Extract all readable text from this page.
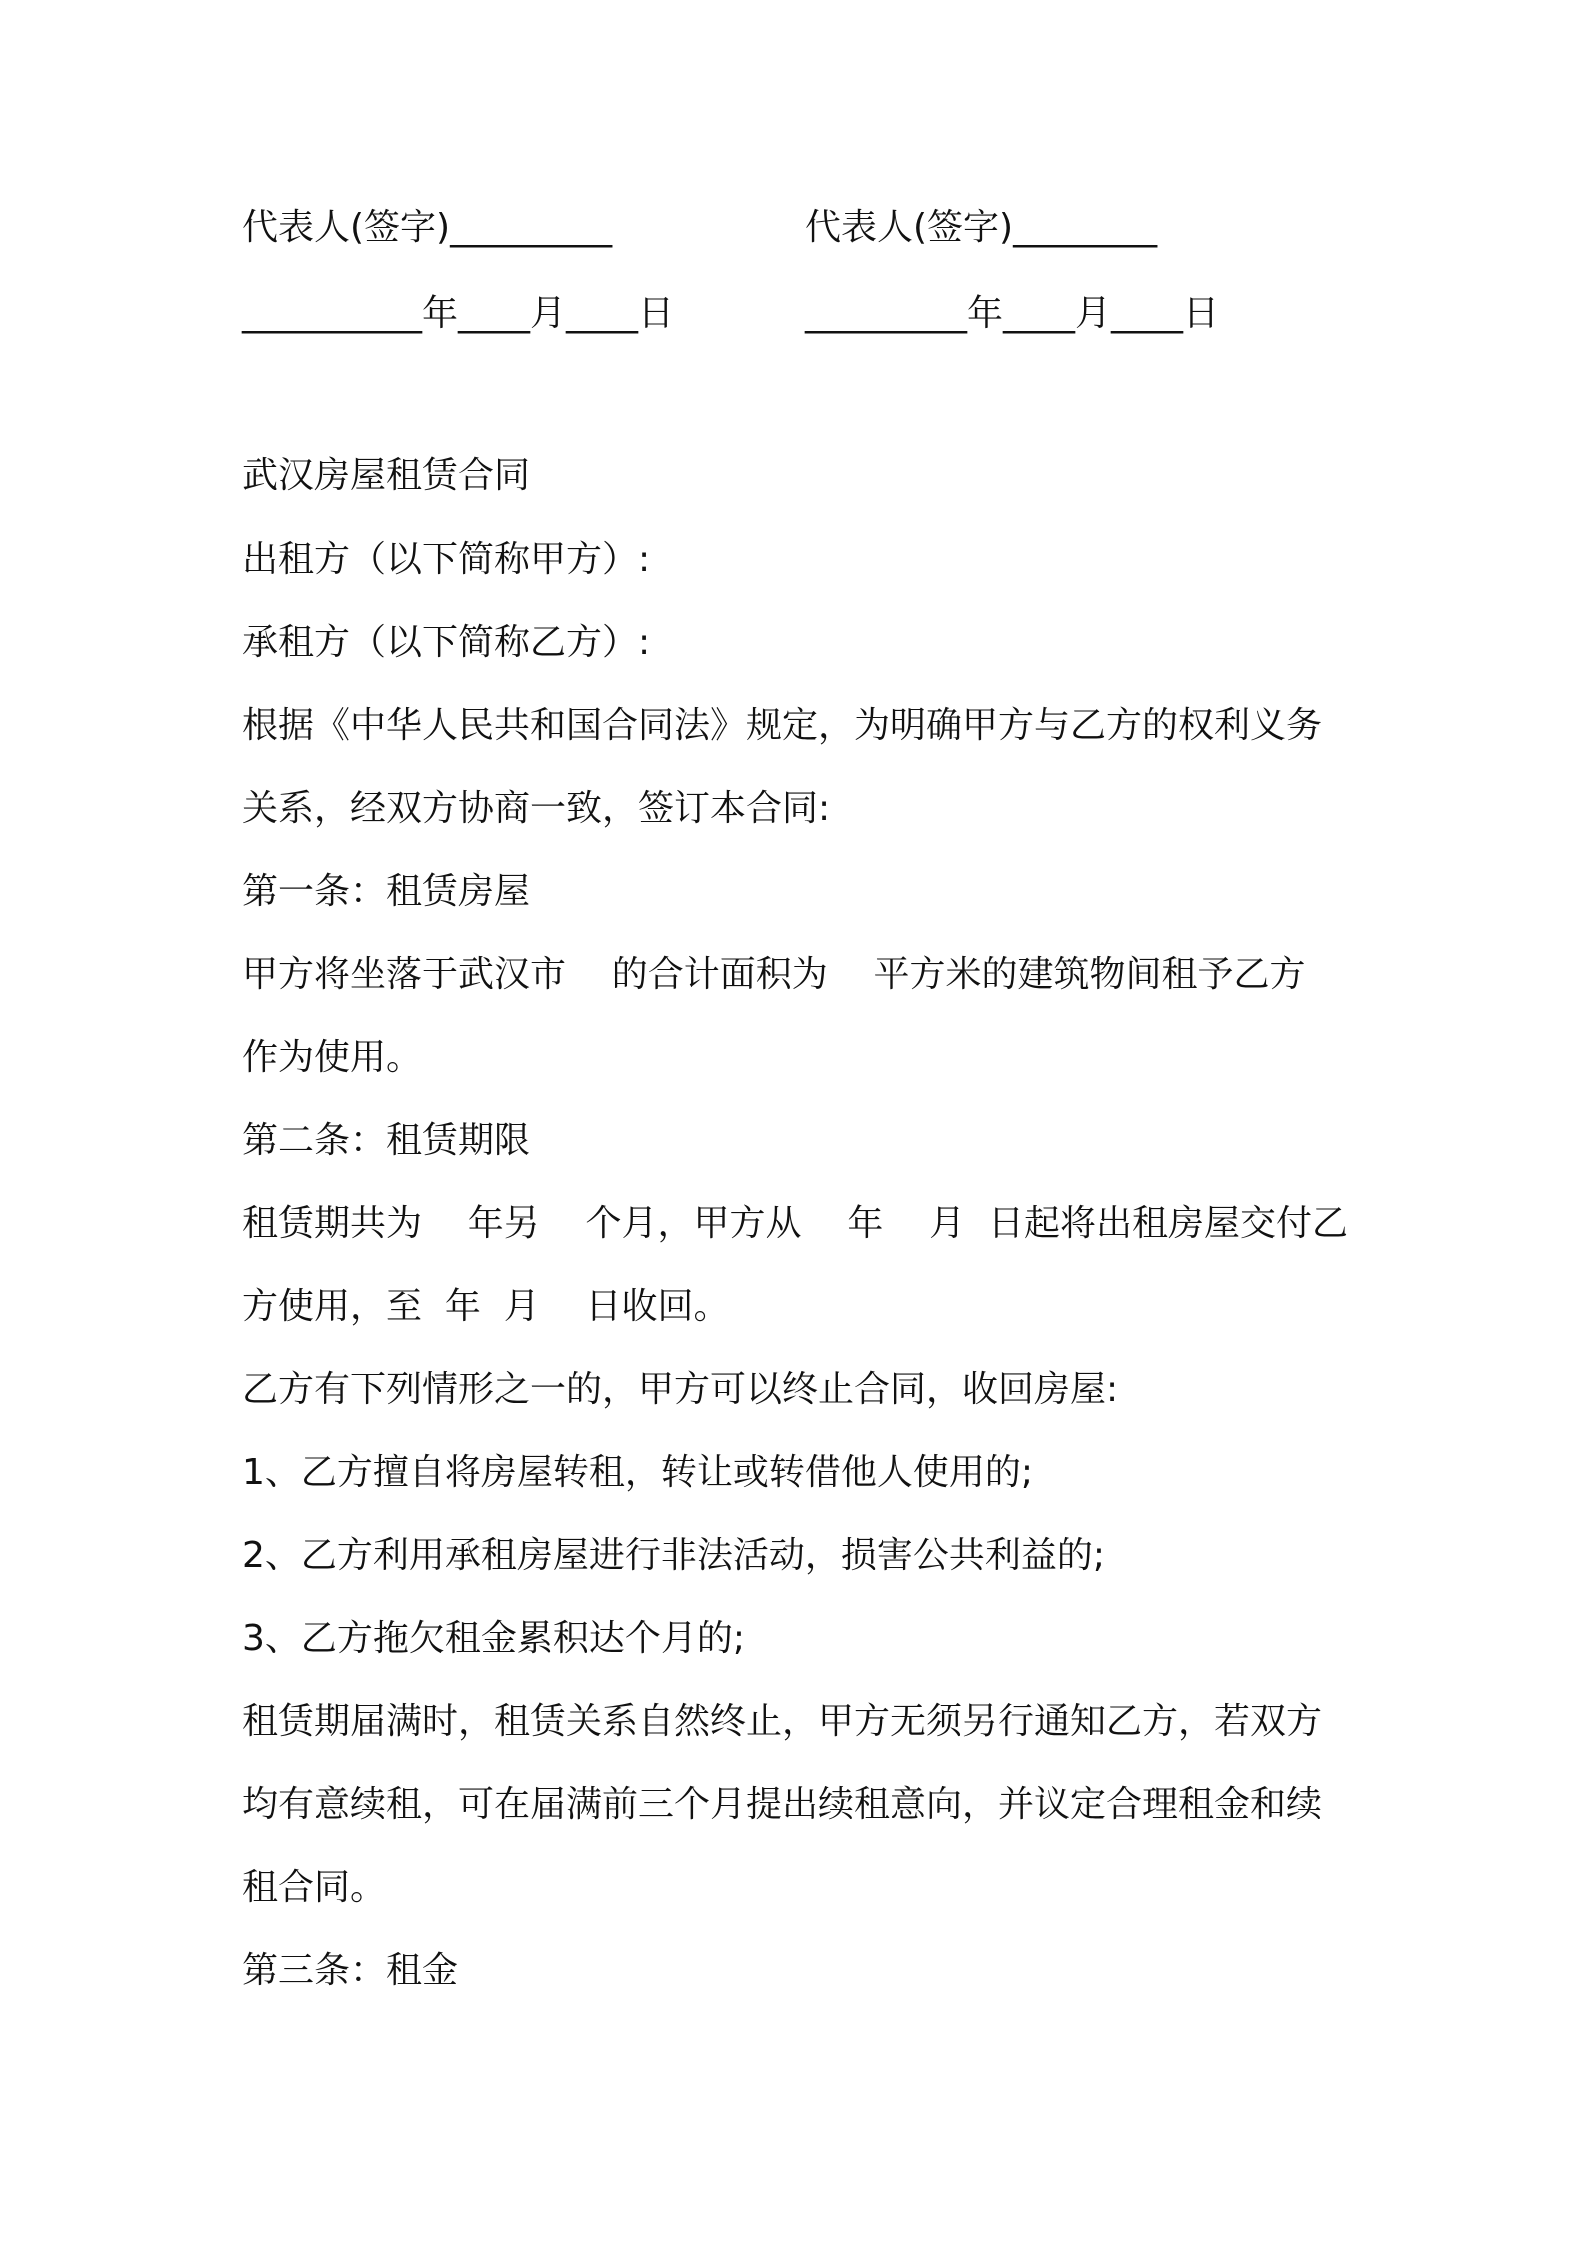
代表人(签字)_________	代表人(签字)________
__________年____月____日	_________年____月____日
武汉房屋租赁合同
出租方（以下简称甲方）:
承租方（以下简称乙方）:
根据《中华人民共和国合同法》规定，为明确甲方与乙方的权利义务
关系，经双方协商一致，签订本合同:
第一条：租赁房屋
甲方将坐落于武汉市    的合计面积为    平方米的建筑物间租予乙方
作为使用。
第二条：租赁期限
租赁期共为    年另    个月，甲方从    年    月  日起将出租房屋交付乙
方使用，至  年  月    日收回。
乙方有下列情形之一的，甲方可以终止合同，收回房屋:
1、乙方擅自将房屋转租，转让或转借他人使用的;
2、乙方利用承租房屋进行非法活动，损害公共利益的;
3、乙方拖欠租金累积达个月的;
租赁期届满时，租赁关系自然终止，甲方无须另行通知乙方，若双方
均有意续租，可在届满前三个月提出续租意向，并议定合理租金和续
租合同。
第三条：租金
